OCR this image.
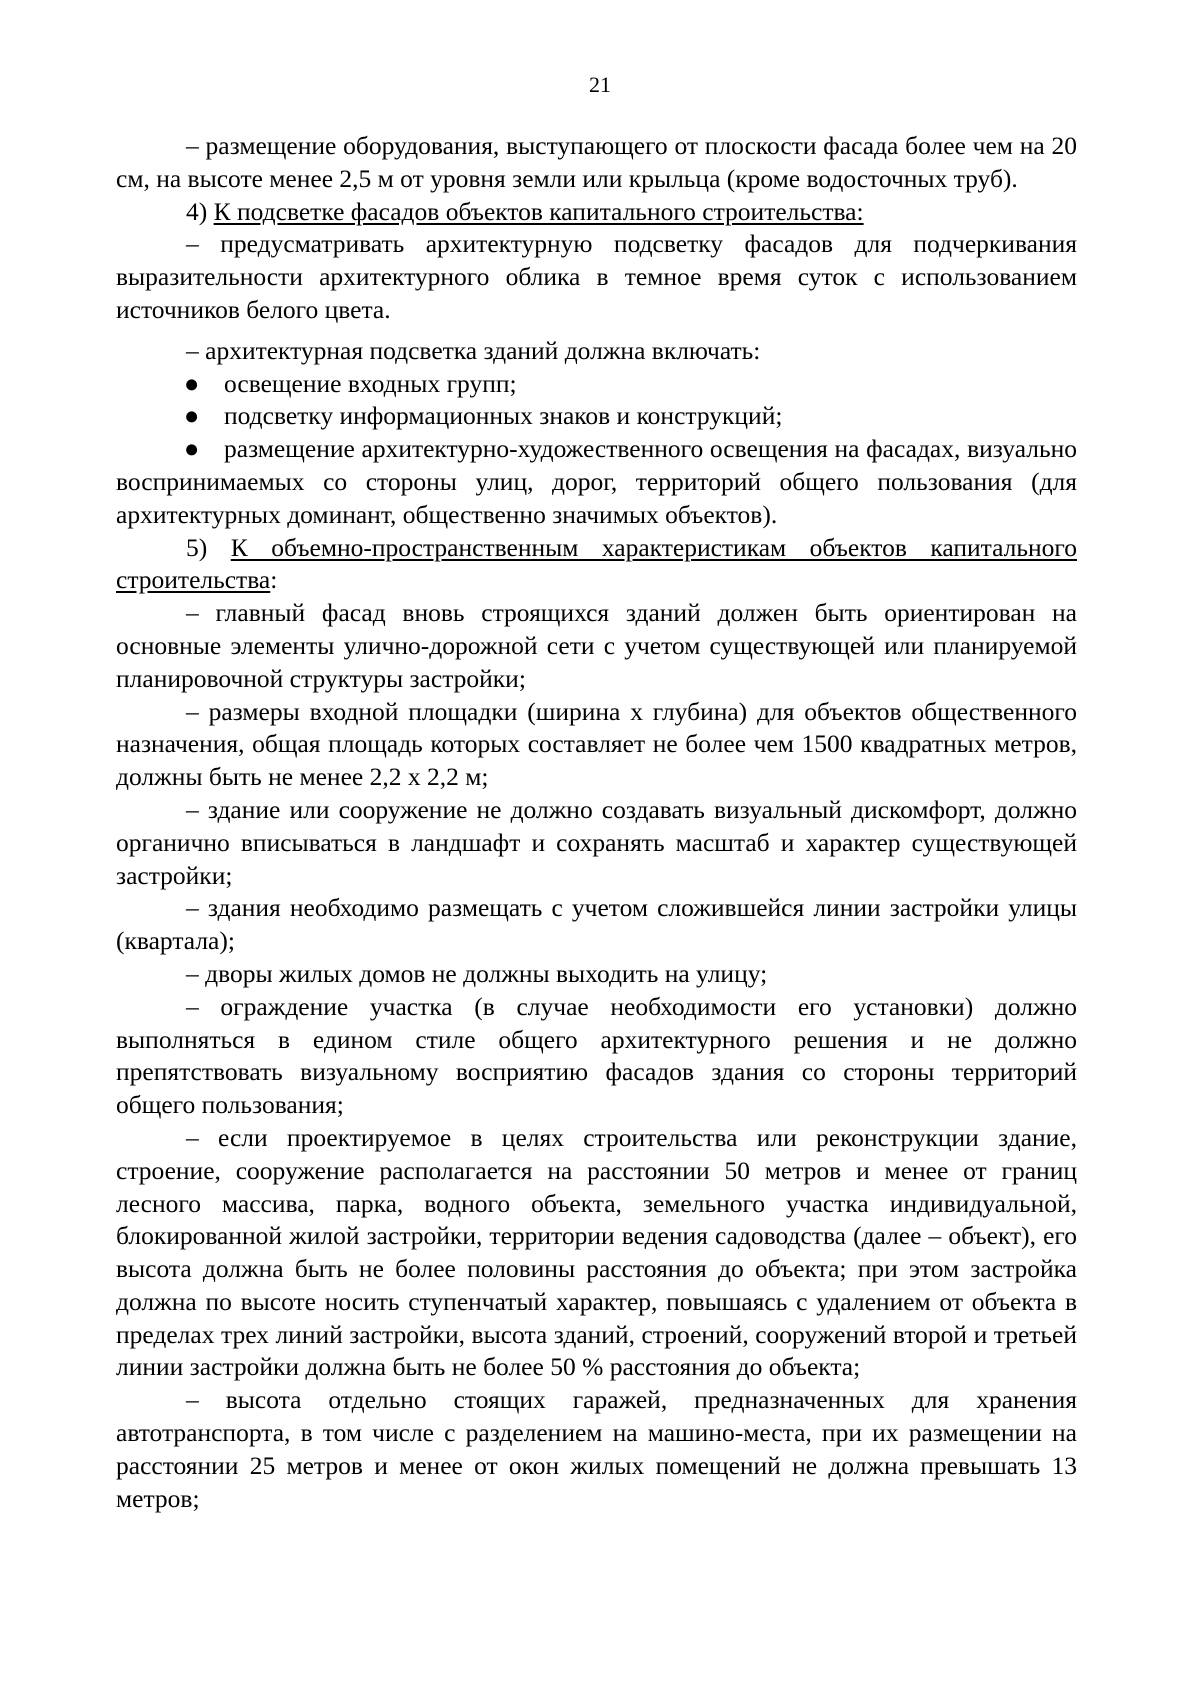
21

– размещение оборудования, выступающего от плоскости фасада более чем на 20 см, на высоте менее 2,5 м от уровня земли или крыльца (кроме водосточных труб).

4) К подсветке фасадов объектов капитального строительства:

– предусматривать архитектурную подсветку фасадов для подчеркивания выразительности архитектурного облика в темное время суток с использованием источников белого цвета.

– архитектурная подсветка зданий должна включать:

● освещение входных групп;

● подсветку информационных знаков и конструкций;

● размещение архитектурно-художественного освещения на фасадах, визуально воспринимаемых со стороны улиц, дорог, территорий общего пользования (для архитектурных доминант, общественно значимых объектов).

5) К объемно-пространственным характеристикам объектов капитального строительства:

– главный фасад вновь строящихся зданий должен быть ориентирован на основные элементы улично-дорожной сети с учетом существующей или планируемой планировочной структуры застройки;

– размеры входной площадки (ширина x глубина) для объектов общественного назначения, общая площадь которых составляет не более чем 1500 квадратных метров, должны быть не менее 2,2 x 2,2 м;

– здание или сооружение не должно создавать визуальный дискомфорт, должно органично вписываться в ландшафт и сохранять масштаб и характер существующей застройки;

– здания необходимо размещать с учетом сложившейся линии застройки улицы (квартала);

– дворы жилых домов не должны выходить на улицу;

– ограждение участка (в случае необходимости его установки) должно выполняться в едином стиле общего архитектурного решения и не должно препятствовать визуальному восприятию фасадов здания со стороны территорий общего пользования;

– если проектируемое в целях строительства или реконструкции здание, строение, сооружение располагается на расстоянии 50 метров и менее от границ лесного массива, парка, водного объекта, земельного участка индивидуальной, блокированной жилой застройки, территории ведения садоводства (далее – объект), его высота должна быть не более половины расстояния до объекта; при этом застройка должна по высоте носить ступенчатый характер, повышаясь с удалением от объекта в пределах трех линий застройки, высота зданий, строений, сооружений второй и третьей линии застройки должна быть не более 50 % расстояния до объекта;

– высота отдельно стоящих гаражей, предназначенных для хранения автотранспорта, в том числе с разделением на машино-места, при их размещении на расстоянии 25 метров и менее от окон жилых помещений не должна превышать 13 метров;
